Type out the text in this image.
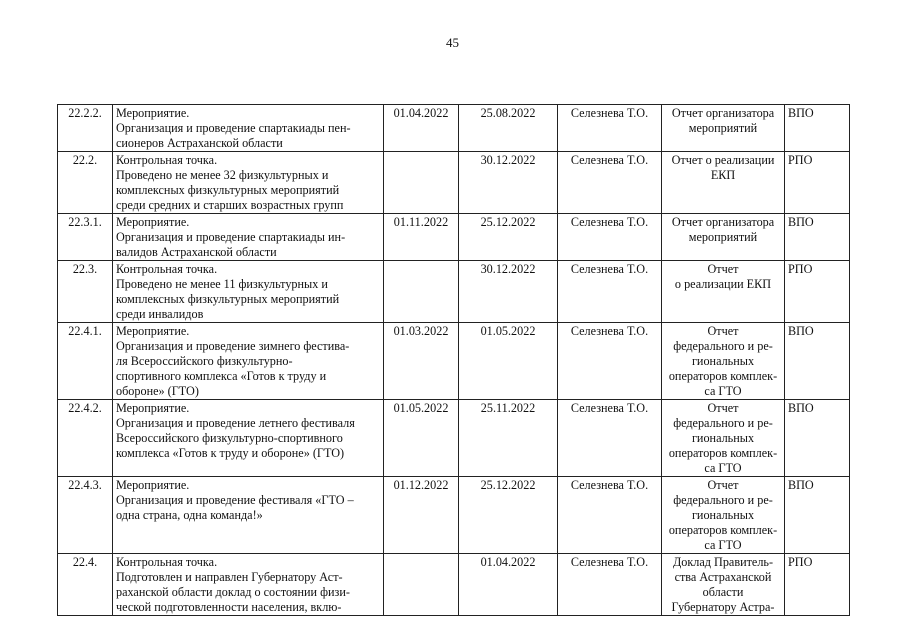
45
22.2.2.	Мероприятие.
Организация и проведение спартакиады пен-
сионеров Астраханской области	01.04.2022	25.08.2022	Селезнева Т.О.	Отчет организатора
мероприятий	ВПО
22.2.	Контрольная точка.
Проведено не менее 32 физкультурных и
комплексных физкультурных мероприятий
среди средних и старших возрастных групп		30.12.2022	Селезнева Т.О.	Отчет о реализации
ЕКП	РПО
22.3.1.	Мероприятие.
Организация и проведение спартакиады ин-
валидов Астраханской области	01.11.2022	25.12.2022	Селезнева Т.О.	Отчет организатора
мероприятий	ВПО
22.3.	Контрольная точка.
Проведено не менее 11 физкультурных и
комплексных физкультурных мероприятий
среди инвалидов		30.12.2022	Селезнева Т.О.	Отчет
о реализации ЕКП	РПО
22.4.1.	Мероприятие.
Организация и проведение зимнего фестива-
ля Всероссийского физкультурно-
спортивного комплекса «Готов к труду и
обороне» (ГТО)	01.03.2022	01.05.2022	Селезнева Т.О.	Отчет
федерального и ре-
гиональных
операторов комплек-
са ГТО	ВПО
22.4.2.	Мероприятие.
Организация и проведение летнего фестиваля
Всероссийского физкультурно-спортивного
комплекса «Готов к труду и обороне» (ГТО)	01.05.2022	25.11.2022	Селезнева Т.О.	Отчет
федерального и ре-
гиональных
операторов комплек-
са ГТО	ВПО
22.4.3.	Мероприятие.
Организация и проведение фестиваля «ГТО –
одна страна, одна команда!»	01.12.2022	25.12.2022	Селезнева Т.О.	Отчет
федерального и ре-
гиональных
операторов комплек-
са ГТО	ВПО
22.4.	Контрольная точка.
Подготовлен и направлен Губернатору Аст-
раханской области доклад о состоянии физи-
ческой подготовленности населения, вклю-		01.04.2022	Селезнева Т.О.	Доклад Правитель-
ства Астраханской
области
Губернатору Астра-	РПО
